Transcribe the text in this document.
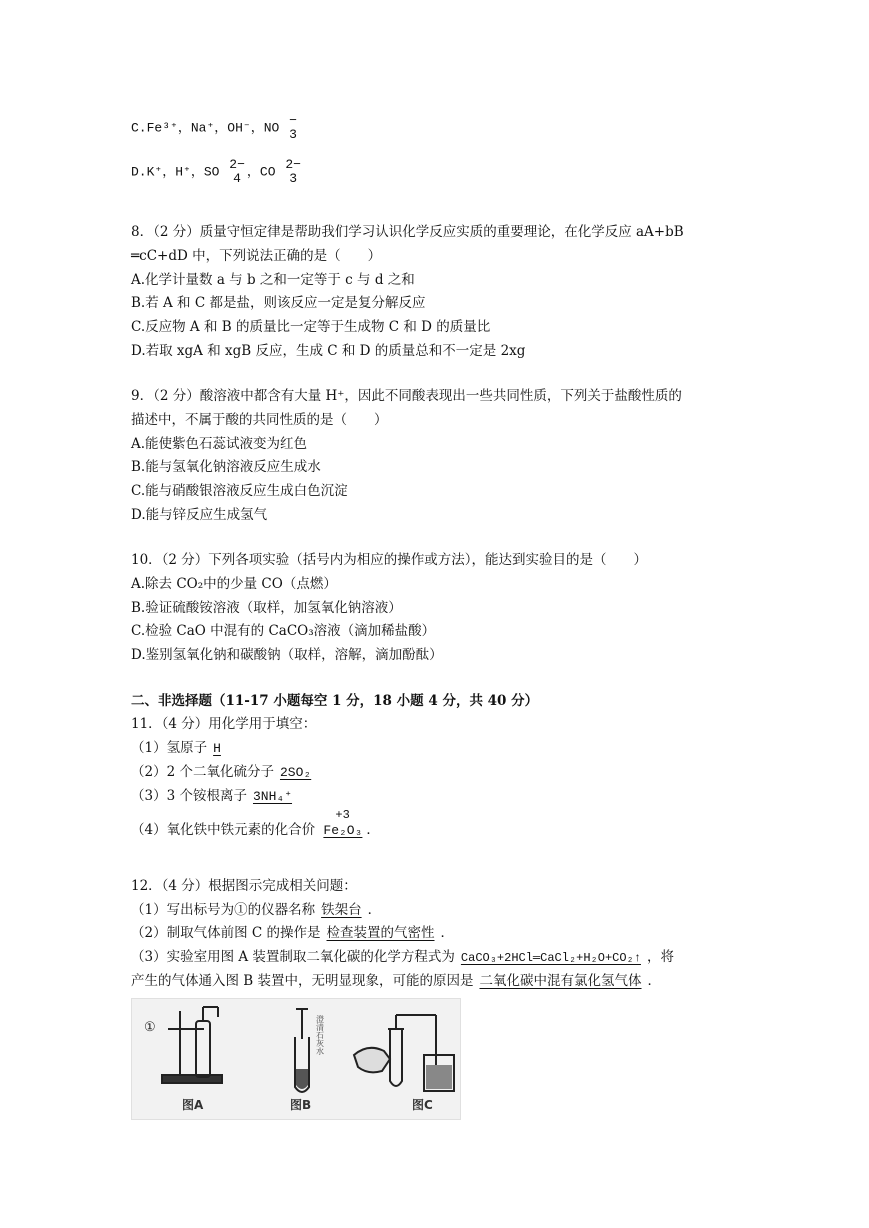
C.Fe³⁺，Na⁺，OH⁻，NO −
3
D.K⁺，H⁺，SO 2−
4 ，CO 2−
3
8．（2 分）质量守恒定律是帮助我们学习认识化学反应实质的重要理论，在化学反应 aA+bB
═cC+dD 中，下列说法正确的是（　　）
A.化学计量数 a 与 b 之和一定等于 c 与 d 之和
B.若 A 和 C 都是盐，则该反应一定是复分解反应
C.反应物 A 和 B 的质量比一定等于生成物 C 和 D 的质量比
D.若取 xgA 和 xgB 反应，生成 C 和 D 的质量总和不一定是 2xg
9．（2 分）酸溶液中都含有大量 H⁺，因此不同酸表现出一些共同性质，下列关于盐酸性质的
描述中，不属于酸的共同性质的是（　　）
A.能使紫色石蕊试液变为红色
B.能与氢氧化钠溶液反应生成水
C.能与硝酸银溶液反应生成白色沉淀
D.能与锌反应生成氢气
10．（2 分）下列各项实验（括号内为相应的操作或方法），能达到实验目的是（　　）
A.除去 CO₂中的少量 CO（点燃）
B.验证硫酸铵溶液（取样，加氢氧化钠溶液）
C.检验 CaO 中混有的 CaCO₃溶液（滴加稀盐酸）
D.鉴别氢氧化钠和碳酸钠（取样，溶解，滴加酚酞）
二、非选择题（11-17 小题每空 1 分，18 小题 4 分，共 40 分）
11．（4 分）用化学用于填空：
（1）氢原子 H
（2）2 个二氧化硫分子 2SO₂
（3）3 个铵根离子 3NH₄⁺
（4）氧化铁中铁元素的化合价
+3
Fe₂O₃ ．
12．（4 分）根据图示完成相关问题：
（1）写出标号为①的仪器名称 铁架台 ．
（2）制取气体前图 C 的操作是 检查装置的气密性 ．
（3）实验室用图 A 装置制取二氧化碳的化学方程式为 CaCO₃+2HCl═CaCl₂+H₂O+CO₂↑ ，将
产生的气体通入图 B 装置中，无明显现象，可能的原因是 二氧化碳中混有氯化氢气体 ．
①	澄清石灰水
图A	图B	图C
